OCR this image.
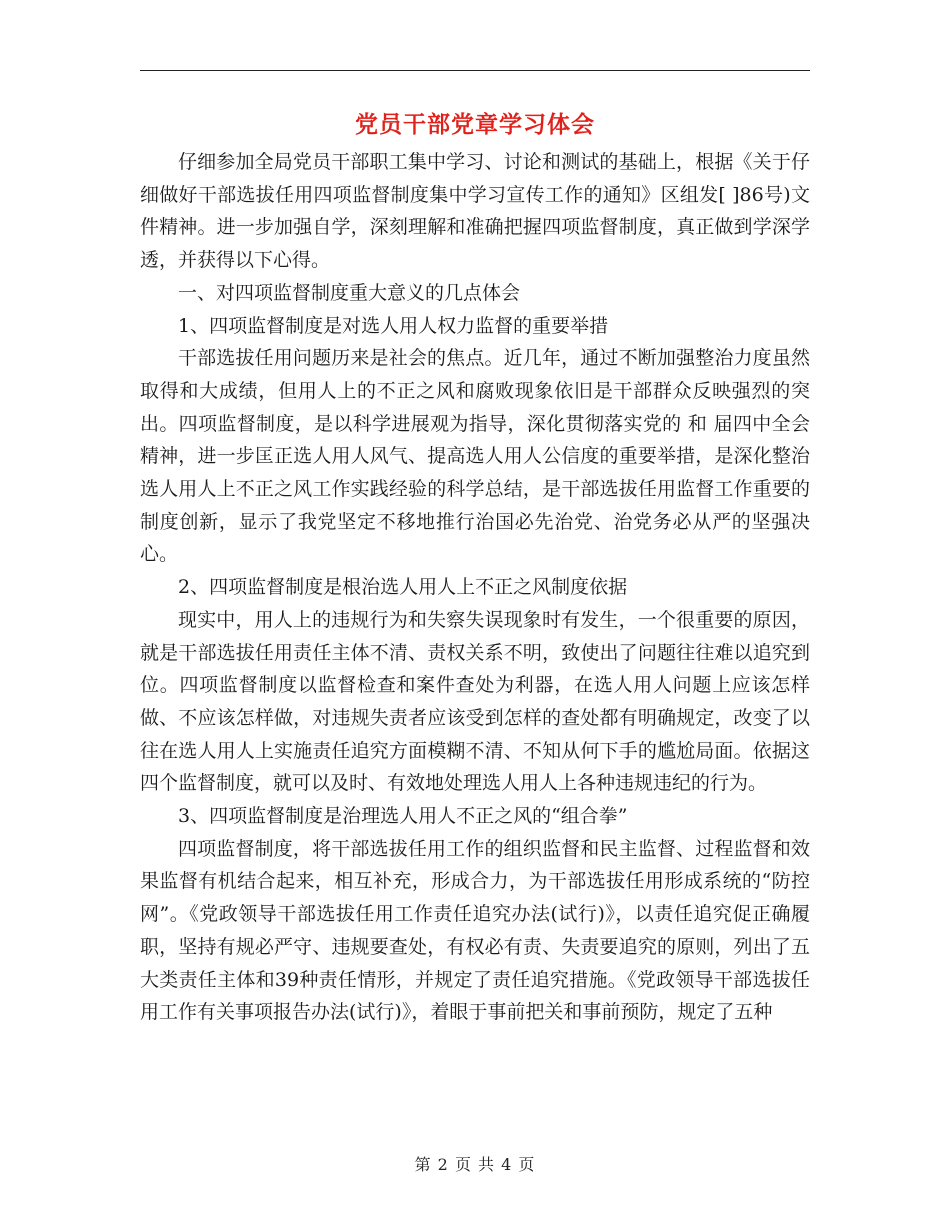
党员干部党章学习体会

仔细参加全局党员干部职工集中学习、讨论和测试的基础上，根据《关于仔细做好干部选拔任用四项监督制度集中学习宣传工作的通知》区组发[ ]86号)文件精神。进一步加强自学，深刻理解和准确把握四项监督制度，真正做到学深学透，并获得以下心得。

一、对四项监督制度重大意义的几点体会

1、四项监督制度是对选人用人权力监督的重要举措

干部选拔任用问题历来是社会的焦点。近几年，通过不断加强整治力度虽然取得和大成绩，但用人上的不正之风和腐败现象依旧是干部群众反映强烈的突出。四项监督制度，是以科学进展观为指导，深化贯彻落实党的 和 届四中全会精神，进一步匡正选人用人风气、提高选人用人公信度的重要举措，是深化整治选人用人上不正之风工作实践经验的科学总结，是干部选拔任用监督工作重要的制度创新，显示了我党坚定不移地推行治国必先治党、治党务必从严的坚强决心。

2、四项监督制度是根治选人用人上不正之风制度依据

现实中，用人上的违规行为和失察失误现象时有发生，一个很重要的原因，就是干部选拔任用责任主体不清、责权关系不明，致使出了问题往往难以追究到位。四项监督制度以监督检查和案件查处为利器，在选人用人问题上应该怎样做、不应该怎样做，对违规失责者应该受到怎样的查处都有明确规定，改变了以往在选人用人上实施责任追究方面模糊不清、不知从何下手的尴尬局面。依据这四个监督制度，就可以及时、有效地处理选人用人上各种违规违纪的行为。

3、四项监督制度是治理选人用人不正之风的“组合拳”

四项监督制度，将干部选拔任用工作的组织监督和民主监督、过程监督和效果监督有机结合起来，相互补充，形成合力，为干部选拔任用形成系统的“防控网”。《党政领导干部选拔任用工作责任追究办法(试行)》，以责任追究促正确履职，坚持有规必严守、违规要查处，有权必有责、失责要追究的原则，列出了五大类责任主体和39种责任情形，并规定了责任追究措施。《党政领导干部选拔任用工作有关事项报告办法(试行)》，着眼于事前把关和事前预防，规定了五种

第 2 页 共 4 页
